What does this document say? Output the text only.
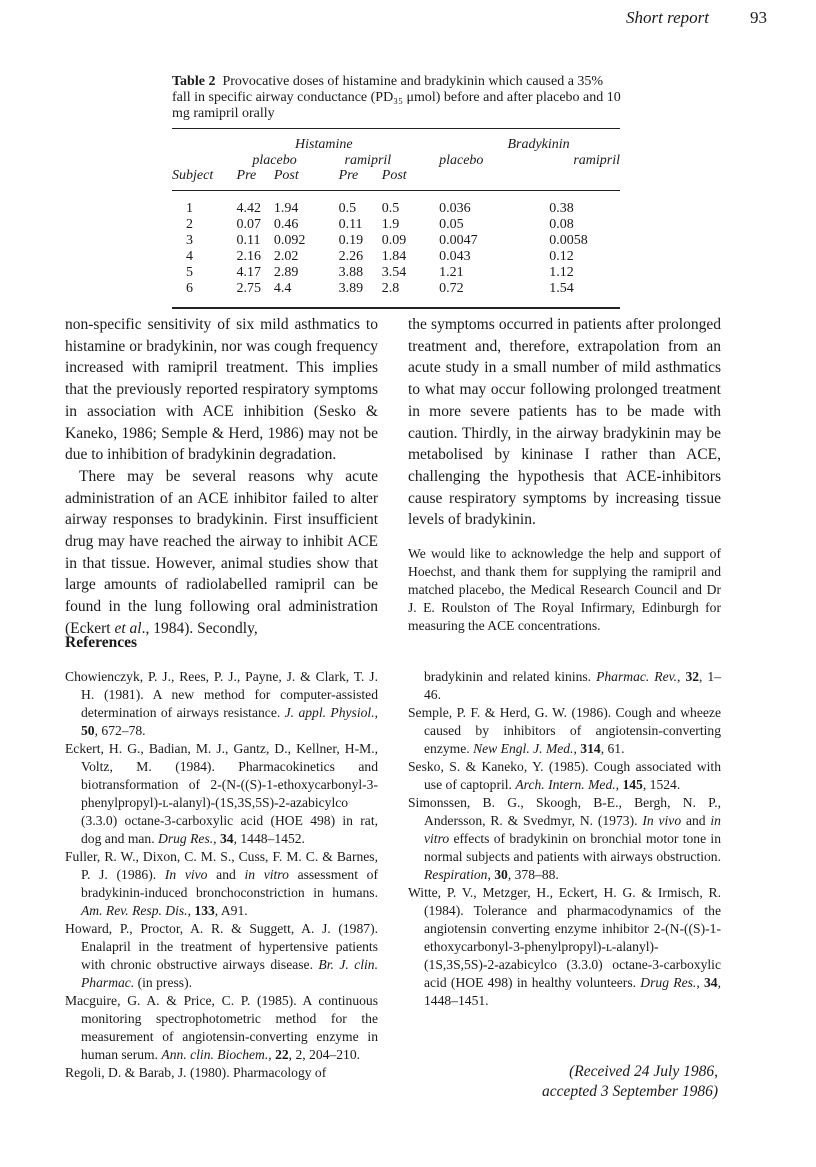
Short report 93
Table 2 Provocative doses of histamine and bradykinin which caused a 35% fall in specific airway conductance (PD₃₅ μmol) before and after placebo and 10 mg ramipril orally
	Histamine				Bradykinin	
	placebo		ramipril		placebo	ramipril
Subject	Pre	Post	Pre	Post		
1	4.42	1.94	0.5	0.5	0.036	0.38
2	0.07	0.46	0.11	1.9	0.05	0.08
3	0.11	0.092	0.19	0.09	0.0047	0.0058
4	2.16	2.02	2.26	1.84	0.043	0.12
5	4.17	2.89	3.88	3.54	1.21	1.12
6	2.75	4.4	3.89	2.8	0.72	1.54

non-specific sensitivity of six mild asthmatics to histamine or bradykinin, nor was cough frequency increased with ramipril treatment. This implies that the previously reported respiratory symptoms in association with ACE inhibition (Sesko & Kaneko, 1986; Semple & Herd, 1986) may not be due to inhibition of bradykinin degradation.

There may be several reasons why acute administration of an ACE inhibitor failed to alter airway responses to bradykinin. First insufficient drug may have reached the airway to inhibit ACE in that tissue. However, animal studies show that large amounts of radiolabelled ramipril can be found in the lung following oral administration (Eckert et al., 1984). Secondly,

the symptoms occurred in patients after prolonged treatment and, therefore, extrapolation from an acute study in a small number of mild asthmatics to what may occur following prolonged treatment in more severe patients has to be made with caution. Thirdly, in the airway bradykinin may be metabolised by kininase I rather than ACE, challenging the hypothesis that ACE-inhibitors cause respiratory symptoms by increasing tissue levels of bradykinin.

We would like to acknowledge the help and support of Hoechst, and thank them for supplying the ramipril and matched placebo, the Medical Research Council and Dr J. E. Roulston of The Royal Infirmary, Edinburgh for measuring the ACE concentrations.

References

Chowienczyk, P. J., Rees, P. J., Payne, J. & Clark, T. J. H. (1981). A new method for computer-assisted determination of airways resistance. J. appl. Physiol., 50, 672–78.

Eckert, H. G., Badian, M. J., Gantz, D., Kellner, H-M., Voltz, M. (1984). Pharmacokinetics and biotransformation of 2-(N-((S)-1-ethoxycarbonyl-3-phenylpropyl)-ʟ-alanyl)-(1S,3S,5S)-2-azabicylco (3.3.0) octane-3-carboxylic acid (HOE 498) in rat, dog and man. Drug Res., 34, 1448–1452.

Fuller, R. W., Dixon, C. M. S., Cuss, F. M. C. & Barnes, P. J. (1986). In vivo and in vitro assessment of bradykinin-induced bronchoconstriction in humans. Am. Rev. Resp. Dis., 133, A91.

Howard, P., Proctor, A. R. & Suggett, A. J. (1987). Enalapril in the treatment of hypertensive patients with chronic obstructive airways disease. Br. J. clin. Pharmac. (in press).

Macguire, G. A. & Price, C. P. (1985). A continuous monitoring spectrophotometric method for the measurement of angiotensin-converting enzyme in human serum. Ann. clin. Biochem., 22, 2, 204–210.

Regoli, D. & Barab, J. (1980). Pharmacology of

bradykinin and related kinins. Pharmac. Rev., 32, 1–46.

Semple, P. F. & Herd, G. W. (1986). Cough and wheeze caused by inhibitors of angiotensin-converting enzyme. New Engl. J. Med., 314, 61.

Sesko, S. & Kaneko, Y. (1985). Cough associated with use of captopril. Arch. Intern. Med., 145, 1524.

Simonssen, B. G., Skoogh, B-E., Bergh, N. P., Andersson, R. & Svedmyr, N. (1973). In vivo and in vitro effects of bradykinin on bronchial motor tone in normal subjects and patients with airways obstruction. Respiration, 30, 378–88.

Witte, P. V., Metzger, H., Eckert, H. G. & Irmisch, R. (1984). Tolerance and pharmacodynamics of the angiotensin converting enzyme inhibitor 2-(N-((S)-1- ethoxycarbonyl-3-phenylpropyl)-ʟ-alanyl)-(1S,3S,5S)-2-azabicylco (3.3.0) octane-3-carboxylic acid (HOE 498) in healthy volunteers. Drug Res., 34, 1448–1451.

(Received 24 July 1986,
accepted 3 September 1986)
